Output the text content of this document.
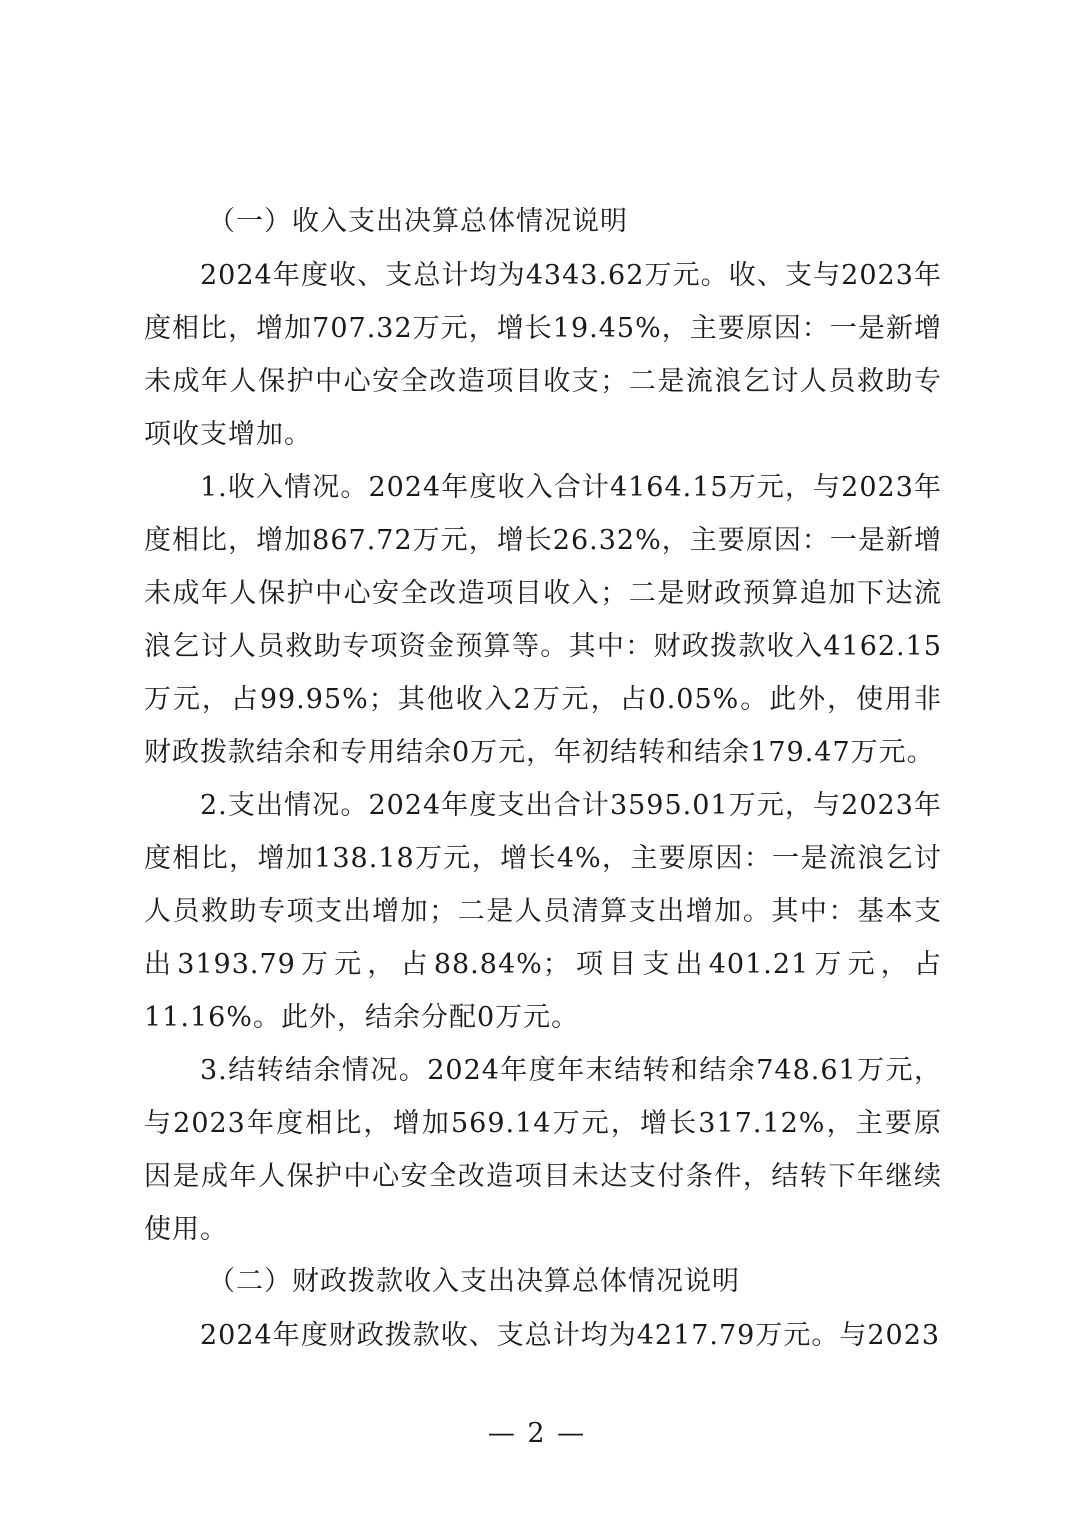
（一）收入支出决算总体情况说明

2024年度收、支总计均为4343.62万元。收、支与2023年度相比，增加707.32万元，增长19.45%，主要原因：一是新增未成年人保护中心安全改造项目收支；二是流浪乞讨人员救助专项收支增加。

1.收入情况。2024年度收入合计4164.15万元，与2023年度相比，增加867.72万元，增长26.32%，主要原因：一是新增未成年人保护中心安全改造项目收入；二是财政预算追加下达流浪乞讨人员救助专项资金预算等。其中：财政拨款收入4162.15万元，占99.95%；其他收入2万元，占0.05%。此外，使用非财政拨款结余和专用结余0万元，年初结转和结余179.47万元。

2.支出情况。2024年度支出合计3595.01万元，与2023年度相比，增加138.18万元，增长4%，主要原因：一是流浪乞讨人员救助专项支出增加；二是人员清算支出增加。其中：基本支出3193.79万元，占88.84%；项目支出401.21万元，占11.16%。此外，结余分配0万元。

3.结转结余情况。2024年度年末结转和结余748.61万元，与2023年度相比，增加569.14万元，增长317.12%，主要原因是成年人保护中心安全改造项目未达支付条件，结转下年继续使用。

（二）财政拨款收入支出决算总体情况说明

2024年度财政拨款收、支总计均为4217.79万元。与2023

— 2 —
